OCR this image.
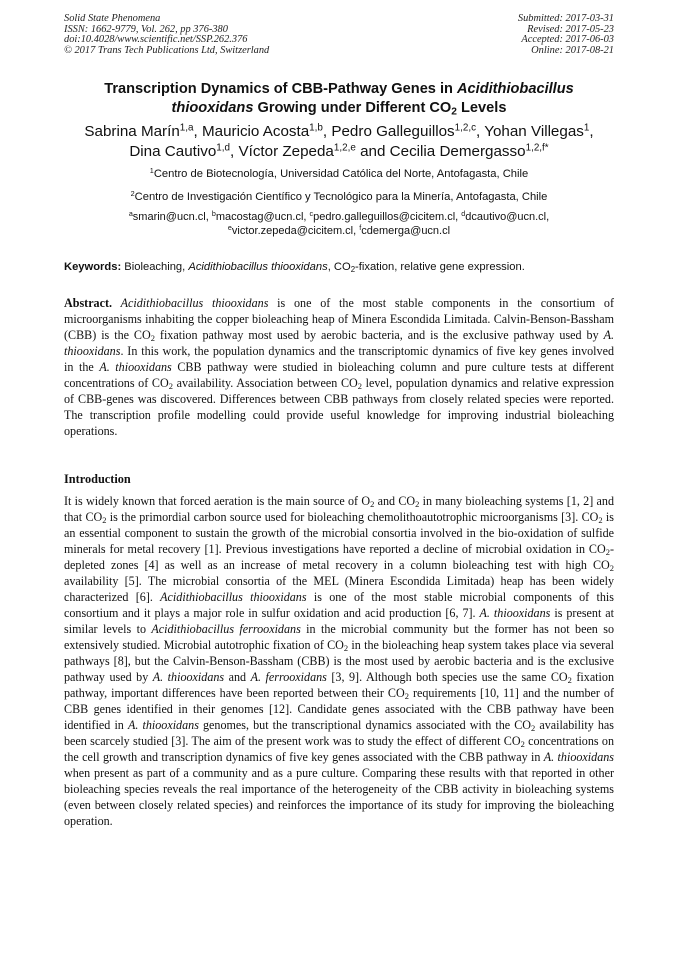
Solid State Phenomena
ISSN: 1662-9779, Vol. 262, pp 376-380
doi:10.4028/www.scientific.net/SSP.262.376
© 2017 Trans Tech Publications Ltd, Switzerland
Submitted: 2017-03-31
Revised: 2017-05-23
Accepted: 2017-06-03
Online: 2017-08-21
Transcription Dynamics of CBB-Pathway Genes in Acidithiobacillus thiooxidans Growing under Different $CO_2$ Levels
Sabrina Marín$^{1,a}$, Mauricio Acosta$^{1,b}$, Pedro Galleguillos$^{1,2,c}$, Yohan Villegas$^1$,
Dina Cautivo$^{1,d}$, Víctor Zepeda$^{1,2,e}$ and Cecilia Demergasso$^{1,2,f*}$
$^1$Centro de Biotecnología, Universidad Católica del Norte, Antofagasta, Chile
$^2$Centro de Investigación Científico y Tecnológico para la Minería, Antofagasta, Chile
$^a$smarin@ucn.cl, $^b$macostag@ucn.cl, $^c$pedro.galleguillos@cicitem.cl, $^d$dcautivo@ucn.cl,
$^e$victor.zepeda@cicitem.cl, $^f$cdemerga@ucn.cl
Keywords: Bioleaching, Acidithiobacillus thiooxidans, $CO_2$-fixation, relative gene expression.
Abstract. Acidithiobacillus thiooxidans is one of the most stable components in the consortium of microorganisms inhabiting the copper bioleaching heap of Minera Escondida Limitada. Calvin-Benson-Bassham (CBB) is the $CO_2$ fixation pathway most used by aerobic bacteria, and is the exclusive pathway used by A. thiooxidans. In this work, the population dynamics and the transcriptomic dynamics of five key genes involved in the A. thiooxidans CBB pathway were studied in bioleaching column and pure culture tests at different concentrations of $CO_2$ availability. Association between $CO_2$ level, population dynamics and relative expression of CBB-genes was discovered. Differences between CBB pathways from closely related species were reported. The transcription profile modelling could provide useful knowledge for improving industrial bioleaching operations.
Introduction
It is widely known that forced aeration is the main source of $O_2$ and $CO_2$ in many bioleaching systems [1, 2] and that $CO_2$ is the primordial carbon source used for bioleaching chemolithoautotrophic microorganisms [3]. $CO_2$ is an essential component to sustain the growth of the microbial consortia involved in the bio-oxidation of sulfide minerals for metal recovery [1]. Previous investigations have reported a decline of microbial oxidation in $CO_2$-depleted zones [4] as well as an increase of metal recovery in a column bioleaching test with high $CO_2$ availability [5]. The microbial consortia of the MEL (Minera Escondida Limitada) heap has been widely characterized [6]. Acidithiobacillus thiooxidans is one of the most stable microbial components of this consortium and it plays a major role in sulfur oxidation and acid production [6, 7]. A. thiooxidans is present at similar levels to Acidithiobacillus ferrooxidans in the microbial community but the former has not been so extensively studied. Microbial autotrophic fixation of $CO_2$ in the bioleaching heap system takes place via several pathways [8], but the Calvin-Benson-Bassham (CBB) is the most used by aerobic bacteria and is the exclusive pathway used by A. thiooxidans and A. ferrooxidans [3, 9]. Although both species use the same $CO_2$ fixation pathway, important differences have been reported between their $CO_2$ requirements [10, 11] and the number of CBB genes identified in their genomes [12]. Candidate genes associated with the CBB pathway have been identified in A. thiooxidans genomes, but the transcriptional dynamics associated with the $CO_2$ availability has been scarcely studied [3]. The aim of the present work was to study the effect of different $CO_2$ concentrations on the cell growth and transcription dynamics of five key genes associated with the CBB pathway in A. thiooxidans when present as part of a community and as a pure culture. Comparing these results with that reported in other bioleaching species reveals the real importance of the heterogeneity of the CBB activity in bioleaching systems (even between closely related species) and reinforces the importance of its study for improving the bioleaching operation.
